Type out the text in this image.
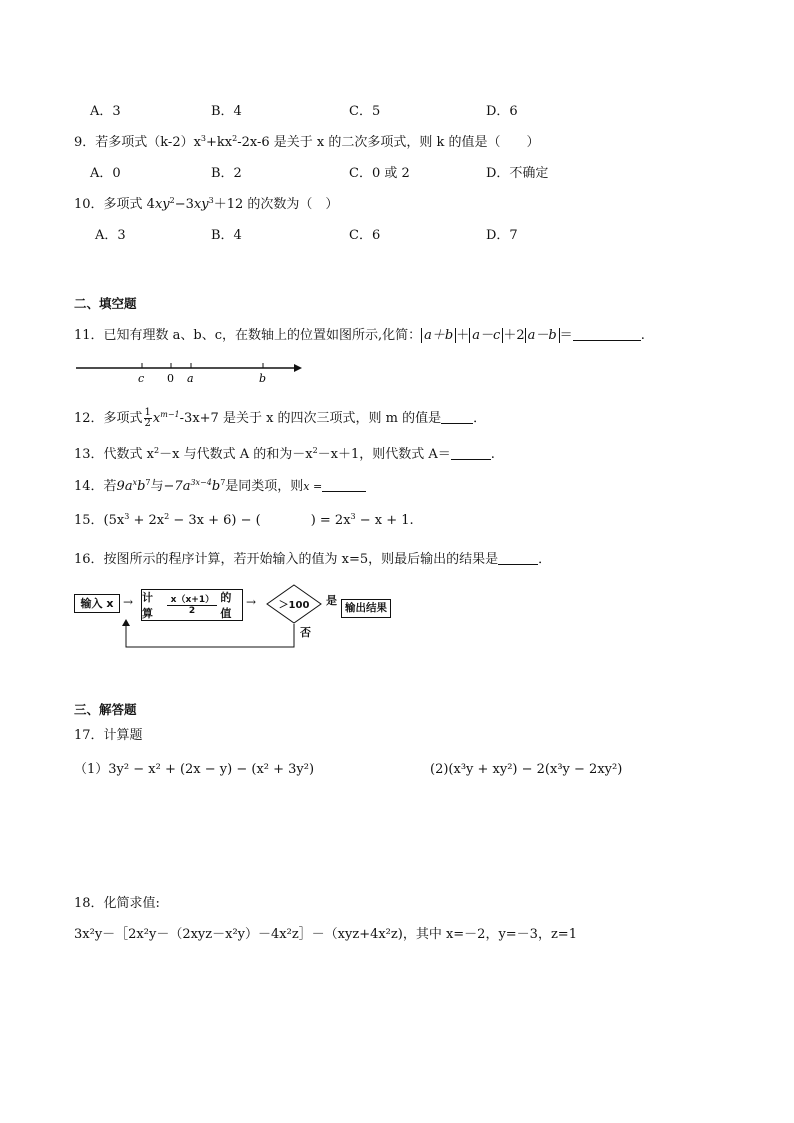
A．3	B．4	C．5	D．6
9．若多项式$(k-2)x^3+kx^2-2x-6$ 是关于 x 的二次多项式，则 k 的值是（　　）
A．0	B．2	C．0 或 2	D．不确定
10．多项式 $4xy^2-3xy^3+12$ 的次数为（　）
A．3	B．4	C．6	D．7
二、填空题
11．已知有理数 a、b、c，在数轴上的位置如图所示,化简： a＋b ＋ a－c ＋2 a－b ＝	.
c 0 a	b
12．多项式 $\frac{1}{2} x^{m-1}-3x+7$ 是关于 x 的四次三项式，则 m 的值是 ．
13．代数式 $x^2-x$ 与代数式 A 的和为$-x^2-x+1$，则代数式 A＝	.
14．若$9a^xb^7$与$-7a^{3x-4}b^7$是同类项，则x =
15．$(5x^3 + 2x^2 - 3x + 6)$ − (	) = $2x^3 - x + 1$.
16．按图所示的程序计算，若开始输入的值为 x=5，则最后输出的结果是	．
输入 x → 计算	$\frac{x(x+1)}{2}$ 的值
→	＞100	是
输出结果
否
三、解答题
17．计算题
（1）3y² − x² + (2x − y) − (x² + 3y²)	(2)(x³y + xy²) − 2(x³y − 2xy²)
18．化简求值:
3x²y－［2x²y－（2xyz－x²y）－4x²z］－（xyz+4x²z)，其中 x=－2，y=－3，z=1
